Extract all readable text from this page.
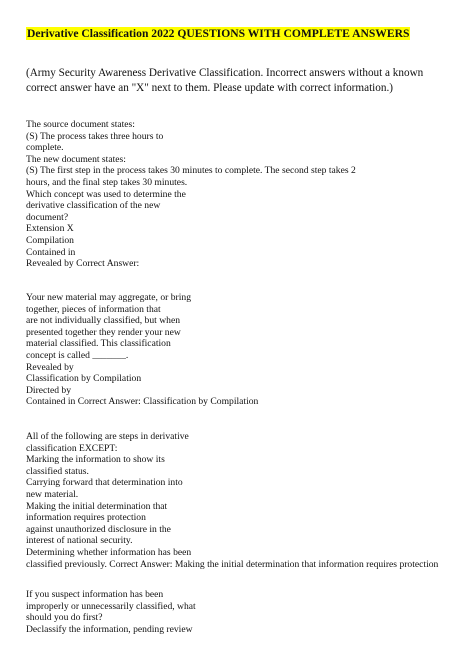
Derivative Classification 2022 QUESTIONS WITH COMPLETE ANSWERS
(Army Security Awareness Derivative Classification. Incorrect answers without a known
correct answer have an "X" next to them. Please update with correct information.)
The source document states:
(S) The process takes three hours to
complete.
The new document states:
(S) The first step in the process takes 30 minutes to complete. The second step takes 2
hours, and the final step takes 30 minutes.
Which concept was used to determine the
derivative classification of the new
document?
Extension X
Compilation
Contained in
Revealed by Correct Answer:
Your new material may aggregate, or bring
together, pieces of information that
are not individually classified, but when
presented together they render your new
material classified. This classification
concept is called _______.
Revealed by
Classification by Compilation
Directed by
Contained in Correct Answer: Classification by Compilation
All of the following are steps in derivative
classification EXCEPT:
Marking the information to show its
classified status.
Carrying forward that determination into
new material.
Making the initial determination that
information requires protection
against unauthorized disclosure in the
interest of national security.
Determining whether information has been
classified previously. Correct Answer: Making the initial determination that information requires protection
If you suspect information has been
improperly or unnecessarily classified, what
should you do first?
Declassify the information, pending review
